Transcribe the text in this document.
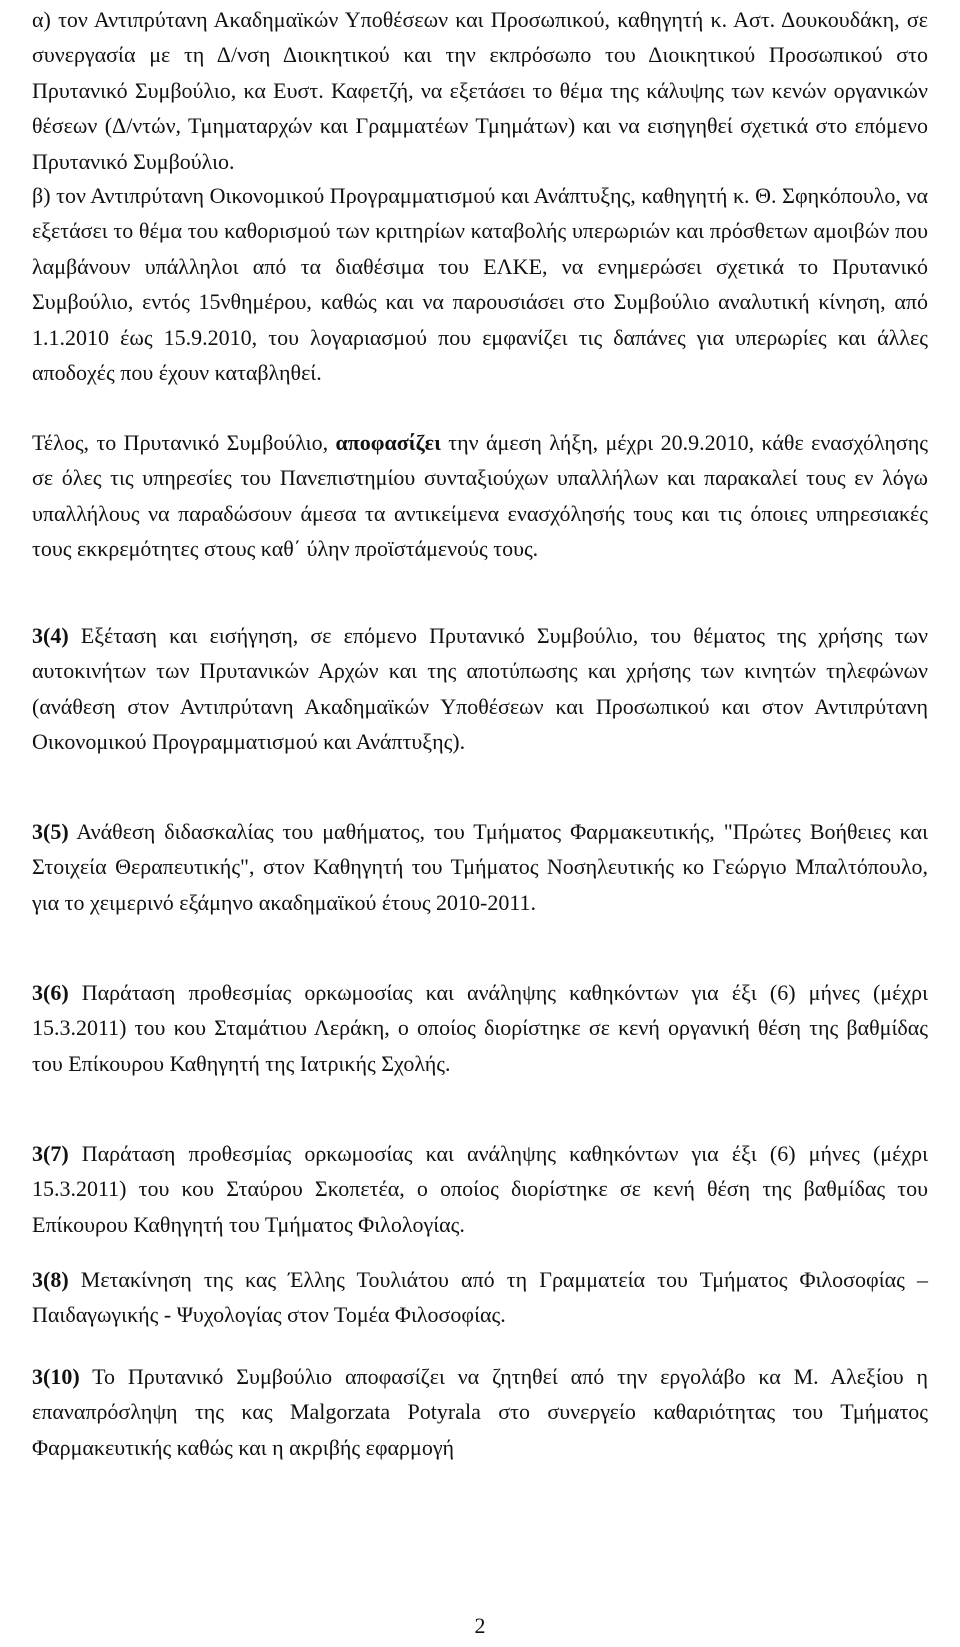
α) τον Αντιπρύτανη Ακαδημαϊκών Υποθέσεων και Προσωπικού, καθηγητή κ. Αστ. Δουκουδάκη, σε συνεργασία με τη Δ/νση Διοικητικού και την εκπρόσωπο του Διοικητικού Προσωπικού στο Πρυτανικό Συμβούλιο, κα Ευστ. Καφετζή, να εξετάσει το θέμα της κάλυψης των κενών οργανικών θέσεων (Δ/ντών, Τμηματαρχών και Γραμματέων Τμημάτων) και να εισηγηθεί σχετικά στο επόμενο Πρυτανικό Συμβούλιο.
β) τον Αντιπρύτανη Οικονομικού Προγραμματισμού και Ανάπτυξης, καθηγητή κ. Θ. Σφηκόπουλο, να εξετάσει το θέμα του καθορισμού των κριτηρίων καταβολής υπερωριών και πρόσθετων αμοιβών που λαμβάνουν υπάλληλοι από τα διαθέσιμα του ΕΛΚΕ, να ενημερώσει σχετικά το Πρυτανικό Συμβούλιο, εντός 15νθημέρου, καθώς και να παρουσιάσει στο Συμβούλιο αναλυτική κίνηση, από 1.1.2010 έως 15.9.2010, του λογαριασμού που εμφανίζει τις δαπάνες για υπερωρίες και άλλες αποδοχές που έχουν καταβληθεί.
Τέλος, το Πρυτανικό Συμβούλιο, αποφασίζει την άμεση λήξη, μέχρι 20.9.2010, κάθε ενασχόλησης σε όλες τις υπηρεσίες του Πανεπιστημίου συνταξιούχων υπαλλήλων και παρακαλεί τους εν λόγω υπαλλήλους να παραδώσουν άμεσα τα αντικείμενα ενασχόλησής τους και τις όποιες υπηρεσιακές τους εκκρεμότητες στους καθ΄ ύλην προϊστάμενούς τους.
3(4) Εξέταση και εισήγηση, σε επόμενο Πρυτανικό Συμβούλιο, του θέματος της χρήσης των αυτοκινήτων των Πρυτανικών Αρχών και της αποτύπωσης και χρήσης των κινητών τηλεφώνων (ανάθεση στον Αντιπρύτανη Ακαδημαϊκών Υποθέσεων και Προσωπικού και στον Αντιπρύτανη Οικονομικού Προγραμματισμού και Ανάπτυξης).
3(5) Ανάθεση διδασκαλίας του μαθήματος, του Τμήματος Φαρμακευτικής, "Πρώτες Βοήθειες και Στοιχεία Θεραπευτικής", στον Καθηγητή του Τμήματος Νοσηλευτικής κο Γεώργιο Μπαλτόπουλο, για το χειμερινό εξάμηνο ακαδημαϊκού έτους 2010-2011.
3(6) Παράταση προθεσμίας ορκωμοσίας και ανάληψης καθηκόντων για έξι (6) μήνες (μέχρι 15.3.2011) του κου Σταμάτιου Λεράκη, ο οποίος διορίστηκε σε κενή οργανική θέση της βαθμίδας του Επίκουρου Καθηγητή της Ιατρικής Σχολής.
3(7) Παράταση προθεσμίας ορκωμοσίας και ανάληψης καθηκόντων για έξι (6) μήνες (μέχρι 15.3.2011) του κου Σταύρου Σκοπετέα, ο οποίος διορίστηκε σε κενή θέση της βαθμίδας του Επίκουρου Καθηγητή του Τμήματος Φιλολογίας.
3(8) Μετακίνηση της κας Έλλης Τουλιάτου από τη Γραμματεία του Τμήματος Φιλοσοφίας – Παιδαγωγικής - Ψυχολογίας στον Τομέα Φιλοσοφίας.
3(10) Το Πρυτανικό Συμβούλιο αποφασίζει να ζητηθεί από την εργολάβο κα Μ. Αλεξίου η επαναπρόσληψη της κας Malgorzata Potyrala στο συνεργείο καθαριότητας του Τμήματος Φαρμακευτικής καθώς και η ακριβής εφαρμογή
2
